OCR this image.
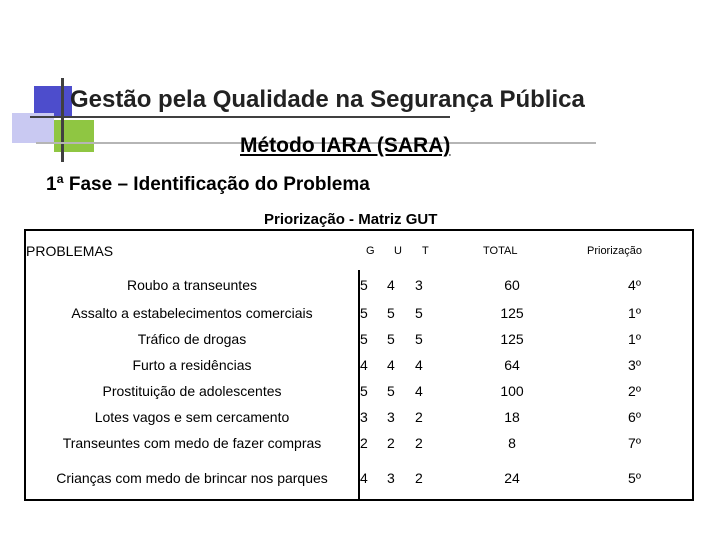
Gestão pela Qualidade na Segurança Pública
Método IARA (SARA)
1ª Fase – Identificação do Problema
Priorização - Matriz GUT
PROBLEMAS	G	U	T	TOTAL	Priorização
Roubo a transeuntes	5	4	3	60	4º
Assalto a estabelecimentos comerciais	5	5	5	125	1º
Tráfico de drogas	5	5	5	125	1º
Furto a residências	4	4	4	64	3º
Prostituição de adolescentes	5	5	4	100	2º
Lotes vagos e sem cercamento	3	3	2	18	6º
Transeuntes com medo de fazer compras	2	2	2	8	7º
Crianças com medo de brincar nos parques	4	3	2	24	5º
